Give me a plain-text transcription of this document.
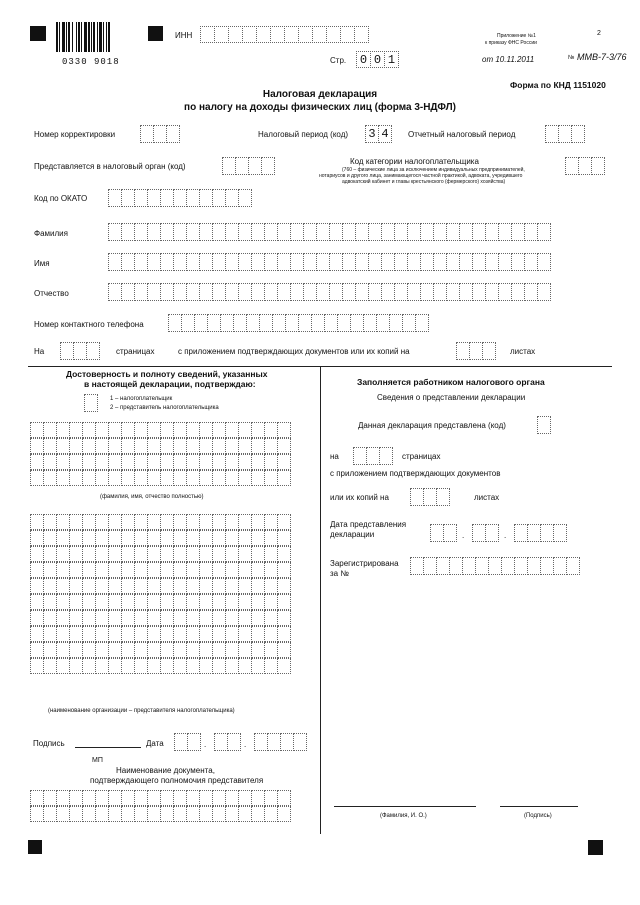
0330 9018
ИНН
Стр.	0 0 1
Приложение №1
к приказу ФНС России
2
от 10.11.2011	№ ММВ-7-3/76
Форма по КНД 1151020
Налоговая декларация
по налогу на доходы физических лиц (форма 3-НДФЛ)
Номер корректировки	Налоговый период (код) 3 4	Отчетный налоговый период
Представляется в налоговый орган (код)
Код категории налогоплательщика
(760 – физические лица за исключением индивидуальных предпринимателей,
нотариусов и другого лица, занимающегося частной практикой, адвоката, учредившего
адвокатский кабинет и главы крестьянского (фермерского) хозяйства)
Код по ОКАТО
Фамилия
Имя
Отчество
Номер контактного телефона
На	страницах	с приложением подтверждающих документов или их копий на	листах
Достоверность и полноту сведений, указанных
в настоящей декларации, подтверждаю:
1 – налогоплательщик
2 – представитель налогоплательщика
(фамилия, имя, отчество полностью)
(наименование организации – представителя налогоплательщика)
Подпись	Дата	.	.
МП
Наименование документа,
подтверждающего полномочия представителя
Заполняется работником налогового органа
Сведения о представлении декларации
Данная декларация представлена (код)
на	страницах
с приложением подтверждающих документов
или их копий на	листах
Дата представления
декларации	.	.
Зарегистрирована
за №
(Фамилия, И. О.)	(Подпись)
